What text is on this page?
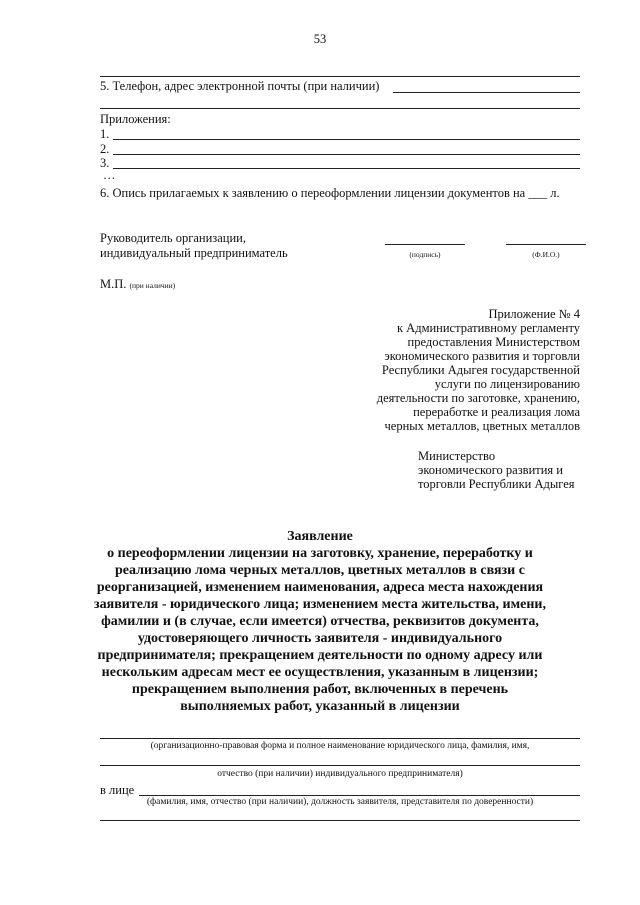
53
5. Телефон, адрес электронной почты (при наличии)
Приложения:
1.
2.
3.
…
6. Опись прилагаемых к заявлению о переоформлении лицензии документов на ___ л.
Руководитель организации,
индивидуальный предприниматель	(подпись)	(Ф.И.О.)
М.П. (при наличии)
Приложение № 4
к Административному регламенту
предоставления Министерством
экономического развития и торговли
Республики Адыгея государственной
услуги по лицензированию
деятельности по заготовке, хранению,
переработке и реализация лома
черных металлов, цветных металлов
Министерство
экономического развития и
торговли Республики Адыгея
Заявление
о переоформлении лицензии на заготовку, хранение, переработку и
реализацию лома черных металлов, цветных металлов в связи с
реорганизацией, изменением наименования, адреса места нахождения
заявителя - юридического лица; изменением места жительства, имени,
фамилии и (в случае, если имеется) отчества, реквизитов документа,
удостоверяющего личность заявителя - индивидуального
предпринимателя; прекращением деятельности по одному адресу или
нескольким адресам мест ее осуществления, указанным в лицензии;
прекращением выполнения работ, включенных в перечень
выполняемых работ, указанный в лицензии
(организационно-правовая форма и полное наименование юридического лица, фамилия, имя,
отчество (при наличии) индивидуального предпринимателя)
в лице
(фамилия, имя, отчество (при наличии), должность заявителя, представителя по доверенности)
